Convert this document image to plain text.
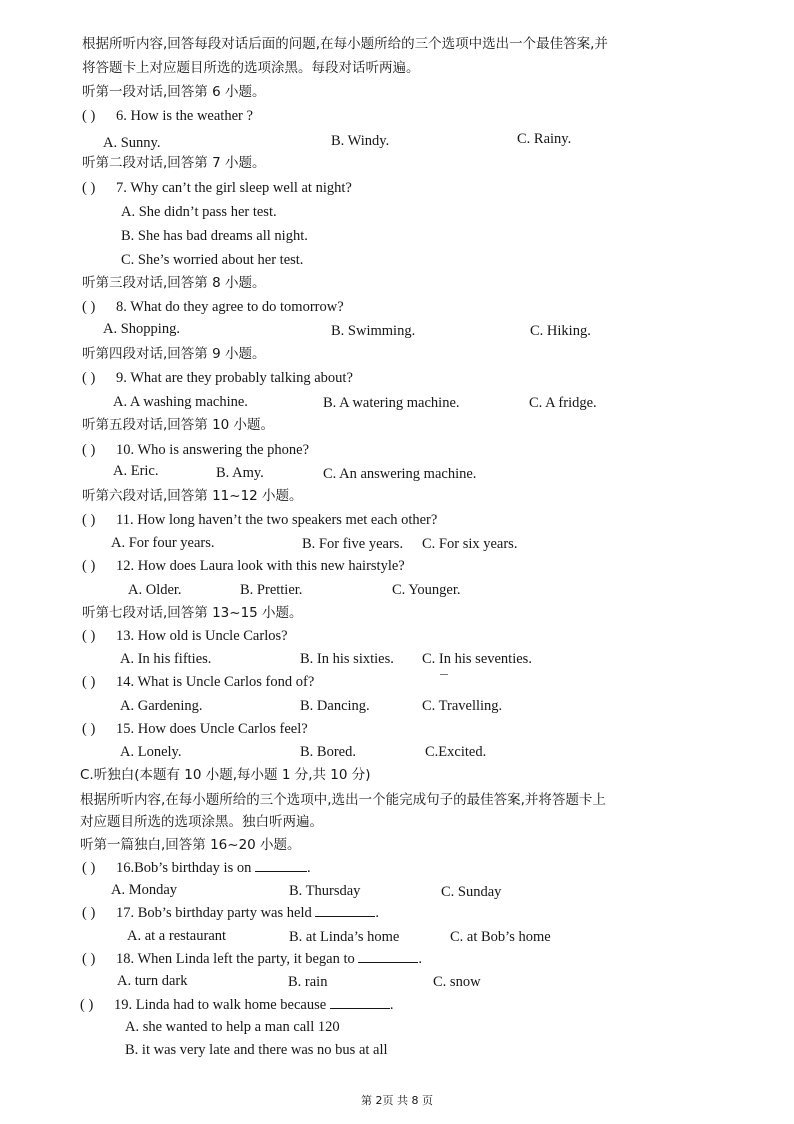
根据所听内容,回答每段对话后面的问题,在每小题所给的三个选项中选出一个最佳答案,并
将答题卡上对应题目所选的选项涂黑。每段对话听两遍。
听第一段对话,回答第 6 小题。
( ) 6. How is the weather ?
A. Sunny.	B. Windy.	C. Rainy.
听第二段对话,回答第 7 小题。
( ) 7. Why can’t the girl sleep well at night?
A. She didn’t pass her test.
B. She has bad dreams all night.
C. She’s worried about her test.
听第三段对话,回答第 8 小题。
( ) 8. What do they agree to do tomorrow?
A. Shopping.	B. Swimming.	C. Hiking.
听第四段对话,回答第 9 小题。
( ) 9. What are they probably talking about?
A. A washing machine.	B. A watering machine.	C. A fridge.
听第五段对话,回答第 10 小题。
( ) 10. Who is answering the phone?
A. Eric.	B. Amy.	C. An answering machine.
听第六段对话,回答第 11~12 小题。
( ) 11. How long haven’t the two speakers met each other?
A. For four years.	B. For five years. C. For six years.
( ) 12. How does Laura look with this new hairstyle?
A. Older.	B. Prettier.	C. Younger.
听第七段对话,回答第 13~15 小题。
( ) 13. How old is Uncle Carlos?
A. In his fifties.	B. In his sixties. C. In his seventies.
( ) 14. What is Uncle Carlos fond of?
A. Gardening.	B. Dancing.	C. Travelling.
( ) 15. How does Uncle Carlos feel?
A. Lonely.	B. Bored.	C.Excited.
C.听独白(本题有 10 小题,每小题 1 分,共 10 分)
根据所听内容,在每小题所给的三个选项中,选出一个能完成句子的最佳答案,并将答题卡上
对应题目所选的选项涂黑。独白听两遍。
听第一篇独白,回答第 16~20 小题。
( ) 16.Bob’s birthday is on	.
A. Monday	B. Thursday	C. Sunday
( ) 17. Bob’s birthday party was held	.
A. at a restaurant	B. at Linda’s home	C. at Bob’s home
( ) 18. When Linda left the party, it began to	.
A. turn dark	B. rain	C. snow
( ) 19. Linda had to walk home because	.
A. she wanted to help a man call 120
B. it was very late and there was no bus at all
第 2页 共 8 页
